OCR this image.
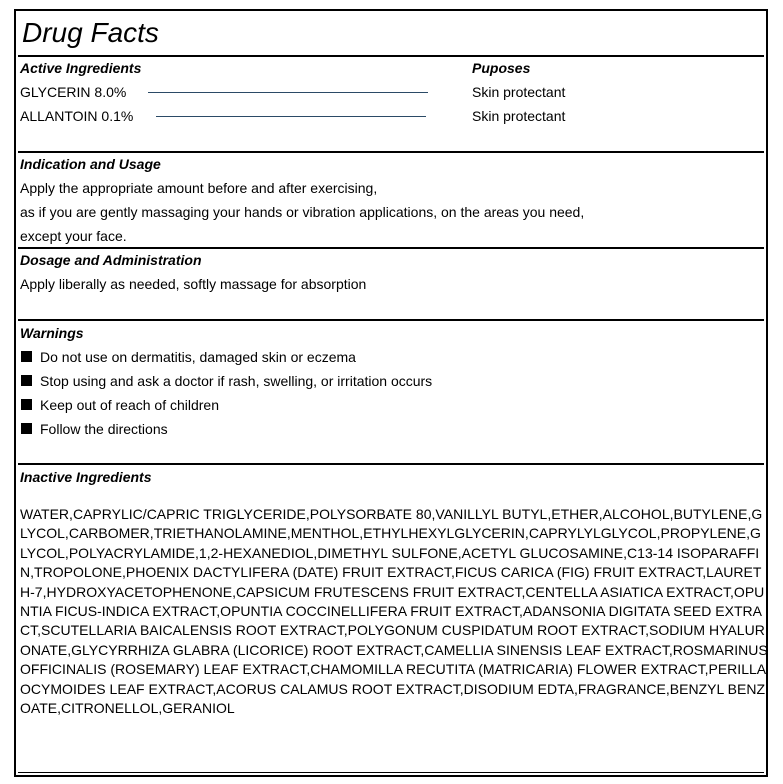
Drug Facts
Active Ingredients	Puposes
GLYCERIN 8.0%	Skin protectant
ALLANTOIN 0.1%	Skin protectant
Indication and Usage
Apply the appropriate amount before and after exercising,
as if you are gently massaging your hands or vibration applications, on the areas you need,
except your face.
Dosage and Administration
Apply liberally as needed, softly massage for absorption
Warnings
Do not use on dermatitis, damaged skin or eczema
Stop using and ask a doctor if rash, swelling, or irritation occurs
Keep out of reach of children
Follow the directions
Inactive Ingredients
WATER,CAPRYLIC/CAPRIC TRIGLYCERIDE,POLYSORBATE 80,VANILLYL BUTYL,ETHER,ALCOHOL,BUTYLENE,GLYCOL,CARBOMER,TRIETHANOLAMINE,MENTHOL,ETHYLHEXYLGLYCERIN,CAPRYLYLGLYCOL,PROPYLENE,GLYCOL,POLYACRYLAMIDE,1,2-HEXANEDIOL,DIMETHYL SULFONE,ACETYL GLUCOSAMINE,C13-14 ISOPARAFFIN,TROPOLONE,PHOENIX DACTYLIFERA (DATE) FRUIT EXTRACT,FICUS CARICA (FIG) FRUIT EXTRACT,LAURETH-7,HYDROXYACETOPHENONE,CAPSICUM FRUTESCENS FRUIT EXTRACT,CENTELLA ASIATICA EXTRACT,OPUNTIA FICUS-INDICA EXTRACT,OPUNTIA COCCINELLIFERA FRUIT EXTRACT,ADANSONIA DIGITATA SEED EXTRACT,SCUTELLARIA BAICALENSIS ROOT EXTRACT,POLYGONUM CUSPIDATUM ROOT EXTRACT,SODIUM HYALURONATE,GLYCYRRHIZA GLABRA (LICORICE) ROOT EXTRACT,CAMELLIA SINENSIS LEAF EXTRACT,ROSMARINUS OFFICINALIS (ROSEMARY) LEAF EXTRACT,CHAMOMILLA RECUTITA (MATRICARIA) FLOWER EXTRACT,PERILLA OCYMOIDES LEAF EXTRACT,ACORUS CALAMUS ROOT EXTRACT,DISODIUM EDTA,FRAGRANCE,BENZYL BENZOATE,CITRONELLOL,GERANIOL
